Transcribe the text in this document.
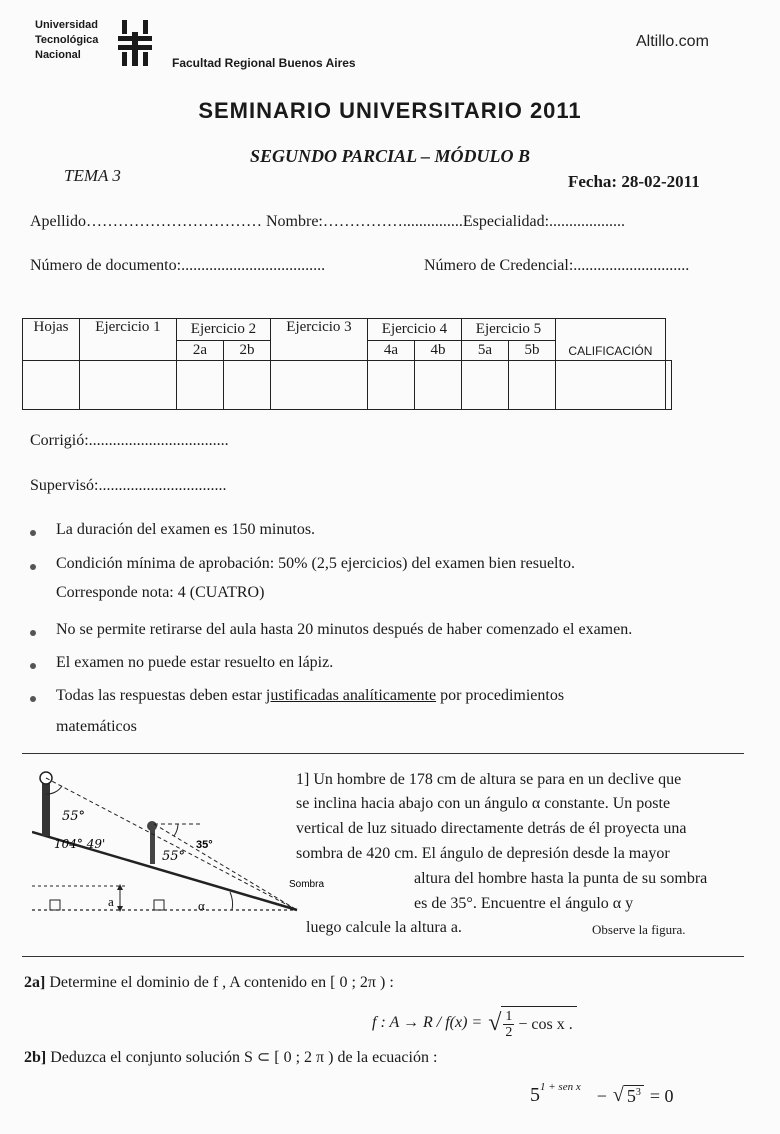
Universidad
Tecnológica
Nacional
Facultad Regional Buenos Aires
Altillo.com
SEMINARIO UNIVERSITARIO 2011
SEGUNDO PARCIAL – MÓDULO B
TEMA 3	Fecha: 28-02-2011
Apellido…………………………… Nombre:……………...............Especialidad:...................
Número de documento:....................................	Número de Credencial:.............................
Hojas	Ejercicio 1	Ejercicio 2		Ejercicio 3	Ejercicio 4		Ejercicio 5			
		2a	2b		4a	4b	5a	5b	CALIFICACIÓN	

Corrigió:...................................
Supervisó:................................
La duración del examen es 150 minutos.
Condición mínima de aprobación: 50% (2,5 ejercicios) del examen bien resuelto.
Corresponde nota: 4 (CUATRO)
No se permite retirarse del aula hasta 20 minutos después de haber comenzado el examen.
El examen no puede estar resuelto en lápiz.
Todas las respuestas deben estar justificadas analíticamente por procedimientos
matemáticos
55°
104° 49'
55°
35°
Sombra
a	α
1] Un hombre de 178 cm de altura se para en un declive que
se inclina hacia abajo con un ángulo α constante. Un poste
vertical de luz situado directamente detrás de él proyecta una
sombra de 420 cm. El ángulo de depresión desde la mayor
altura del hombre hasta la punta de su sombra
es de 35°. Encuentre el ángulo α y
luego calcule la altura a.	Observe la figura.
2a] Determine el dominio de f , A contenido en [ 0 ; 2π ) :
f : A → R / f(x) = √ 1
2 − cos x .
2b] Deduzca el conjunto solución S ⊂ [ 0 ; 2 π ) de la ecuación :
$5^{1 + sen x}$ − √ $5^3 = 0$
